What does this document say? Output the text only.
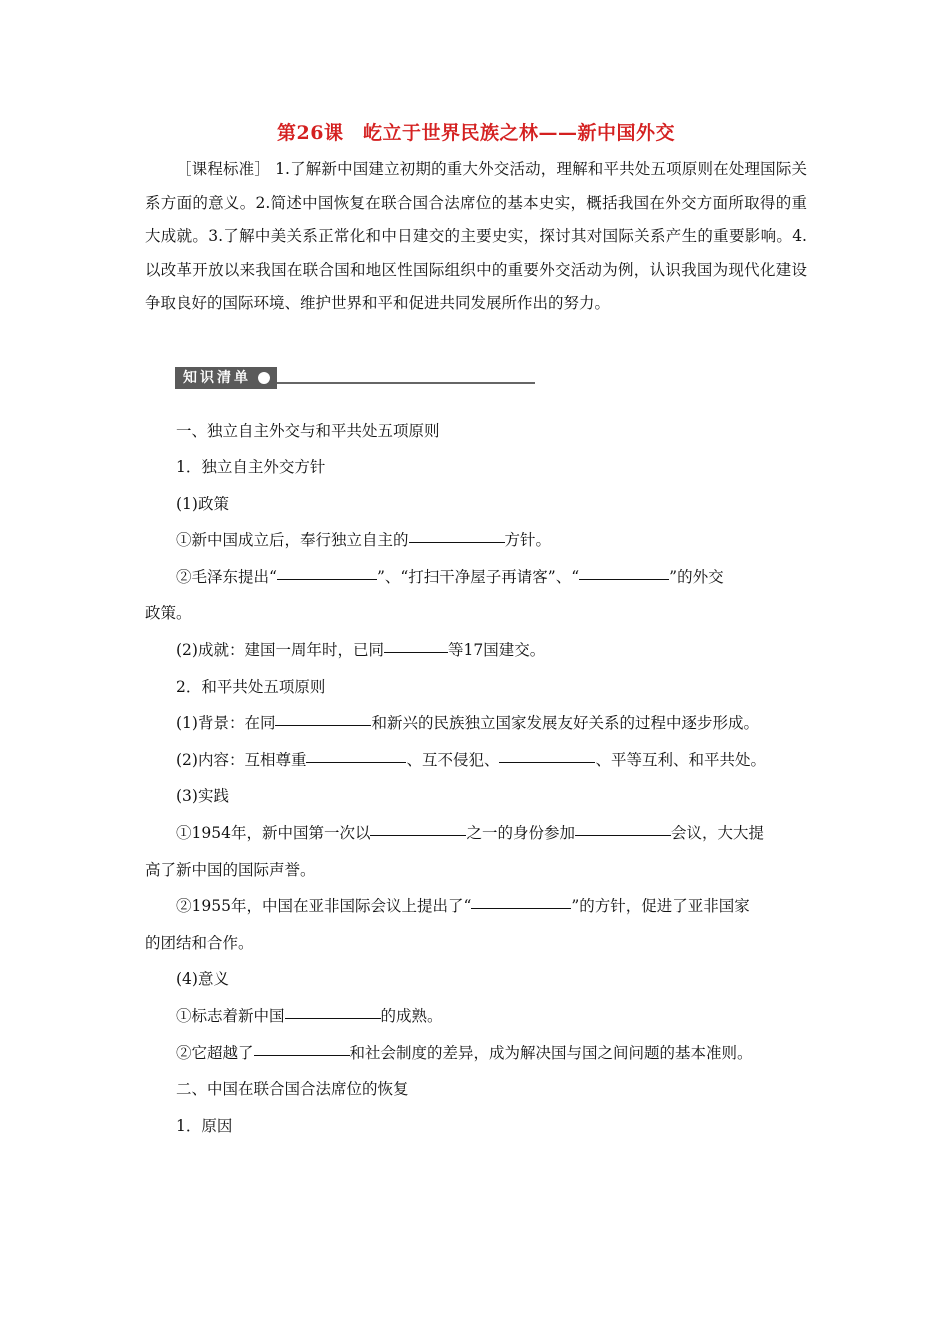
第26课　屹立于世界民族之林——新中国外交

［课程标准］ 1.了解新中国建立初期的重大外交活动，理解和平共处五项原则在处理国际关系方面的意义。2.简述中国恢复在联合国合法席位的基本史实，概括我国在外交方面所取得的重大成就。3.了解中美关系正常化和中日建交的主要史实，探讨其对国际关系产生的重要影响。4.以改革开放以来我国在联合国和地区性国际组织中的重要外交活动为例，认识我国为现代化建设争取良好的国际环境、维护世界和平和促进共同发展所作出的努力。

知识清单

一、独立自主外交与和平共处五项原则

1．独立自主外交方针

(1)政策

①新中国成立后，奉行独立自主的	方针。

②毛泽东提出“	”、“打扫干净屋子再请客”、“	”的外交

政策。

(2)成就：建国一周年时，已同	等17国建交。

2．和平共处五项原则

(1)背景：在同	和新兴的民族独立国家发展友好关系的过程中逐步形成。

(2)内容：互相尊重	、互不侵犯、	、平等互利、和平共处。

(3)实践

①1954年，新中国第一次以	之一的身份参加	会议，大大提

高了新中国的国际声誉。

②1955年，中国在亚非国际会议上提出了“	”的方针，促进了亚非国家

的团结和合作。

(4)意义

①标志着新中国	的成熟。

②它超越了	和社会制度的差异，成为解决国与国之间问题的基本准则。

二、中国在联合国合法席位的恢复

1．原因
